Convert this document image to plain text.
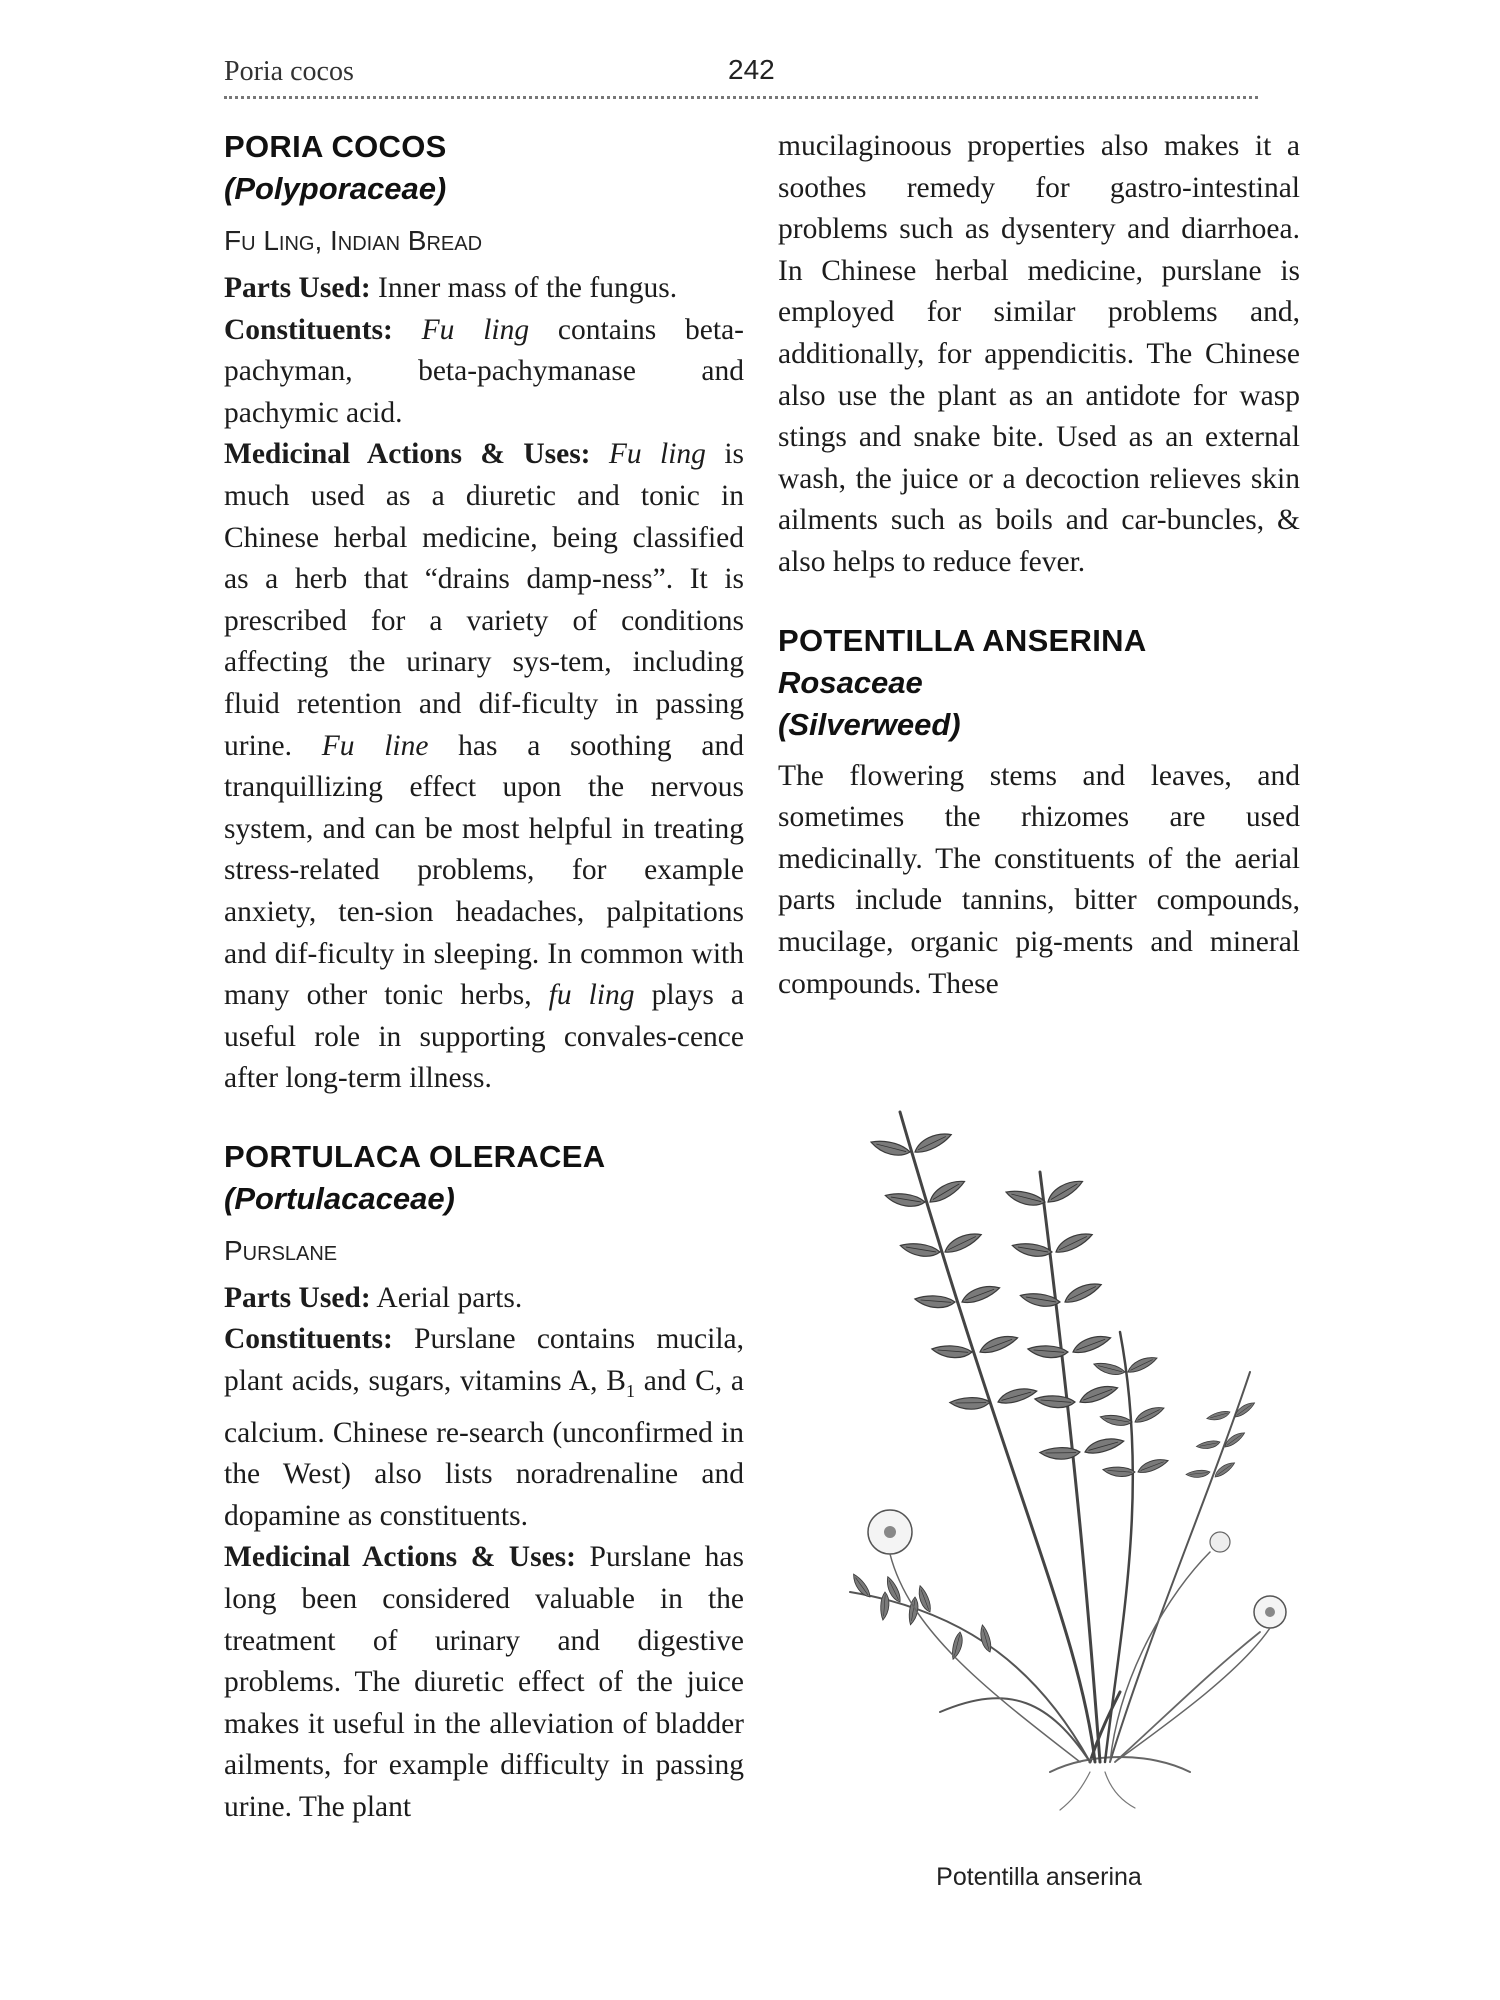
Poria cocos	242
PORIA COCOS
(Polyporaceae)
Fu Ling, Indian Bread

Parts Used: Inner mass of the fungus.

Constituents: Fu ling contains beta-pachyman, beta-pachymanase and pachymic acid.

Medicinal Actions & Uses: Fu ling is much used as a diuretic and tonic in Chinese herbal medicine, being classified as a herb that “drains damp-ness”. It is prescribed for a variety of conditions affecting the urinary sys-tem, including fluid retention and dif-ficulty in passing urine. Fu line has a soothing and tranquillizing effect upon the nervous system, and can be most helpful in treating stress-related problems, for example anxiety, ten-sion headaches, palpitations and dif-ficulty in sleeping. In common with many other tonic herbs, fu ling plays a useful role in supporting convales-cence after long-term illness.

PORTULACA OLERACEA
(Portulacaceae)
Purslane

Parts Used: Aerial parts.

Constituents: Purslane contains mucila, plant acids, sugars, vitamins A, $B_1$ and C, a calcium. Chinese re-search (unconfirmed in the West) also lists noradrenaline and dopamine as constituents.

Medicinal Actions & Uses: Purslane has long been considered valuable in the treatment of urinary and digestive problems. The diuretic effect of the juice makes it useful in the alleviation of bladder ailments, for example difficulty in passing urine. The plant

mucilaginoous properties also makes it a soothes remedy for gastro-intestinal problems such as dysentery and diarrhoea. In Chinese herbal medicine, purslane is employed for similar problems and, additionally, for appendicitis. The Chinese also use the plant as an antidote for wasp stings and snake bite. Used as an external wash, the juice or a decoction relieves skin ailments such as boils and car-buncles, & also helps to reduce fever.

POTENTILLA ANSERINA
Rosaceae
(Silverweed)

The flowering stems and leaves, and sometimes the rhizomes are used medicinally. The constituents of the aerial parts include tannins, bitter compounds, mucilage, organic pig-ments and mineral compounds. These

Potentilla anserina
